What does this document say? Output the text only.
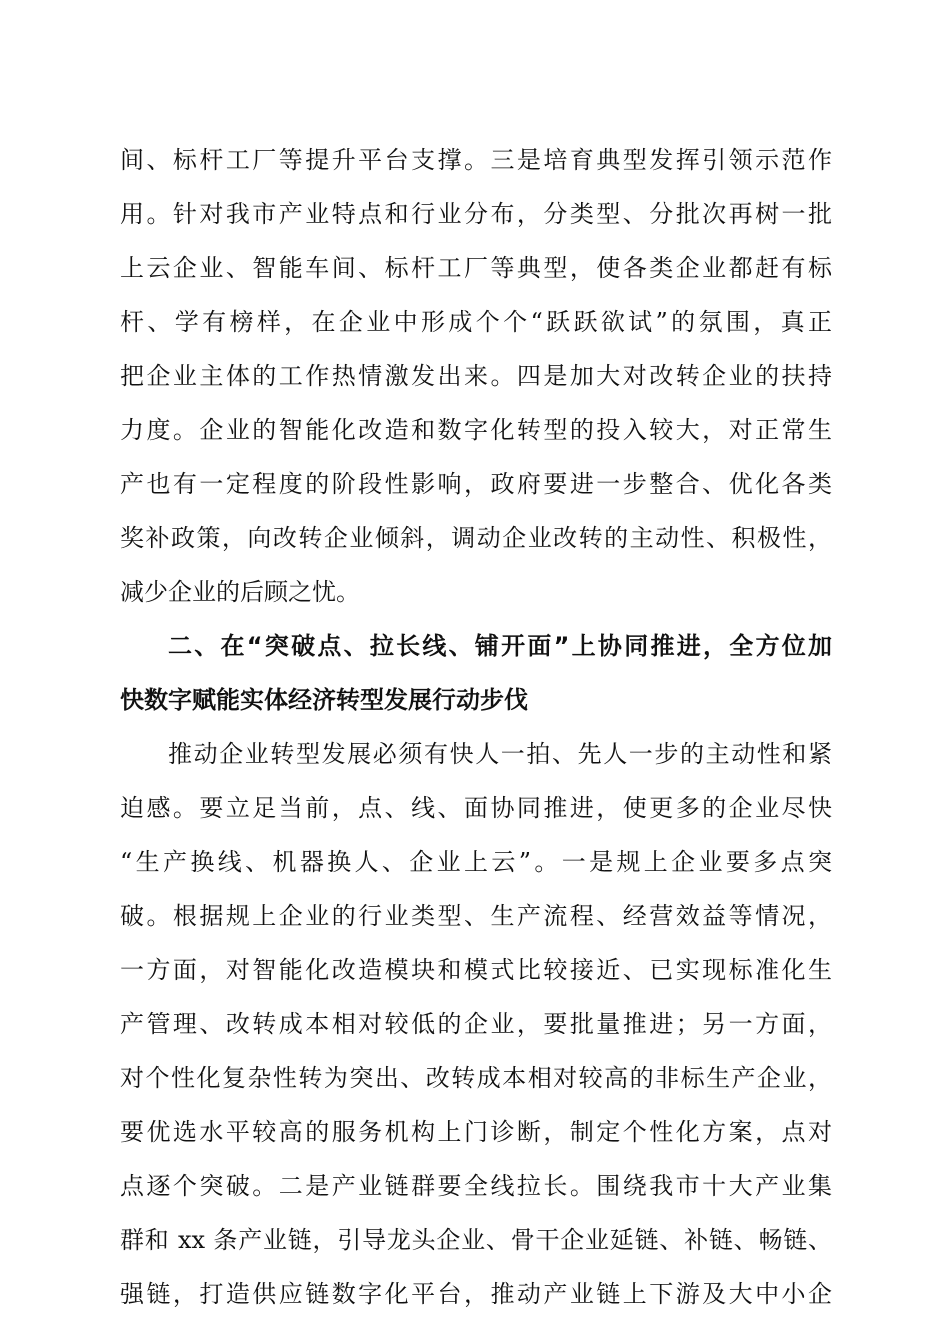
间、标杆工厂等提升平台支撑。三是培育典型发挥引领示范作
用。针对我市产业特点和行业分布，分类型、分批次再树一批
上云企业、智能车间、标杆工厂等典型，使各类企业都赶有标
杆、学有榜样，在企业中形成个个“跃跃欲试”的氛围，真正
把企业主体的工作热情激发出来。四是加大对改转企业的扶持
力度。企业的智能化改造和数字化转型的投入较大，对正常生
产也有一定程度的阶段性影响，政府要进一步整合、优化各类
奖补政策，向改转企业倾斜，调动企业改转的主动性、积极性，
减少企业的后顾之忧。
二、在“突破点、拉长线、铺开面”上协同推进，全方位加
快数字赋能实体经济转型发展行动步伐
推动企业转型发展必须有快人一拍、先人一步的主动性和紧
迫感。要立足当前，点、线、面协同推进，使更多的企业尽快
“生产换线、机器换人、企业上云”。一是规上企业要多点突
破。根据规上企业的行业类型、生产流程、经营效益等情况，
一方面，对智能化改造模块和模式比较接近、已实现标准化生
产管理、改转成本相对较低的企业，要批量推进；另一方面，
对个性化复杂性转为突出、改转成本相对较高的非标生产企业，
要优选水平较高的服务机构上门诊断，制定个性化方案，点对
点逐个突破。二是产业链群要全线拉长。围绕我市十大产业集
群和 xx 条产业链，引导龙头企业、骨干企业延链、补链、畅链、
强链，打造供应链数字化平台，推动产业链上下游及大中小企
